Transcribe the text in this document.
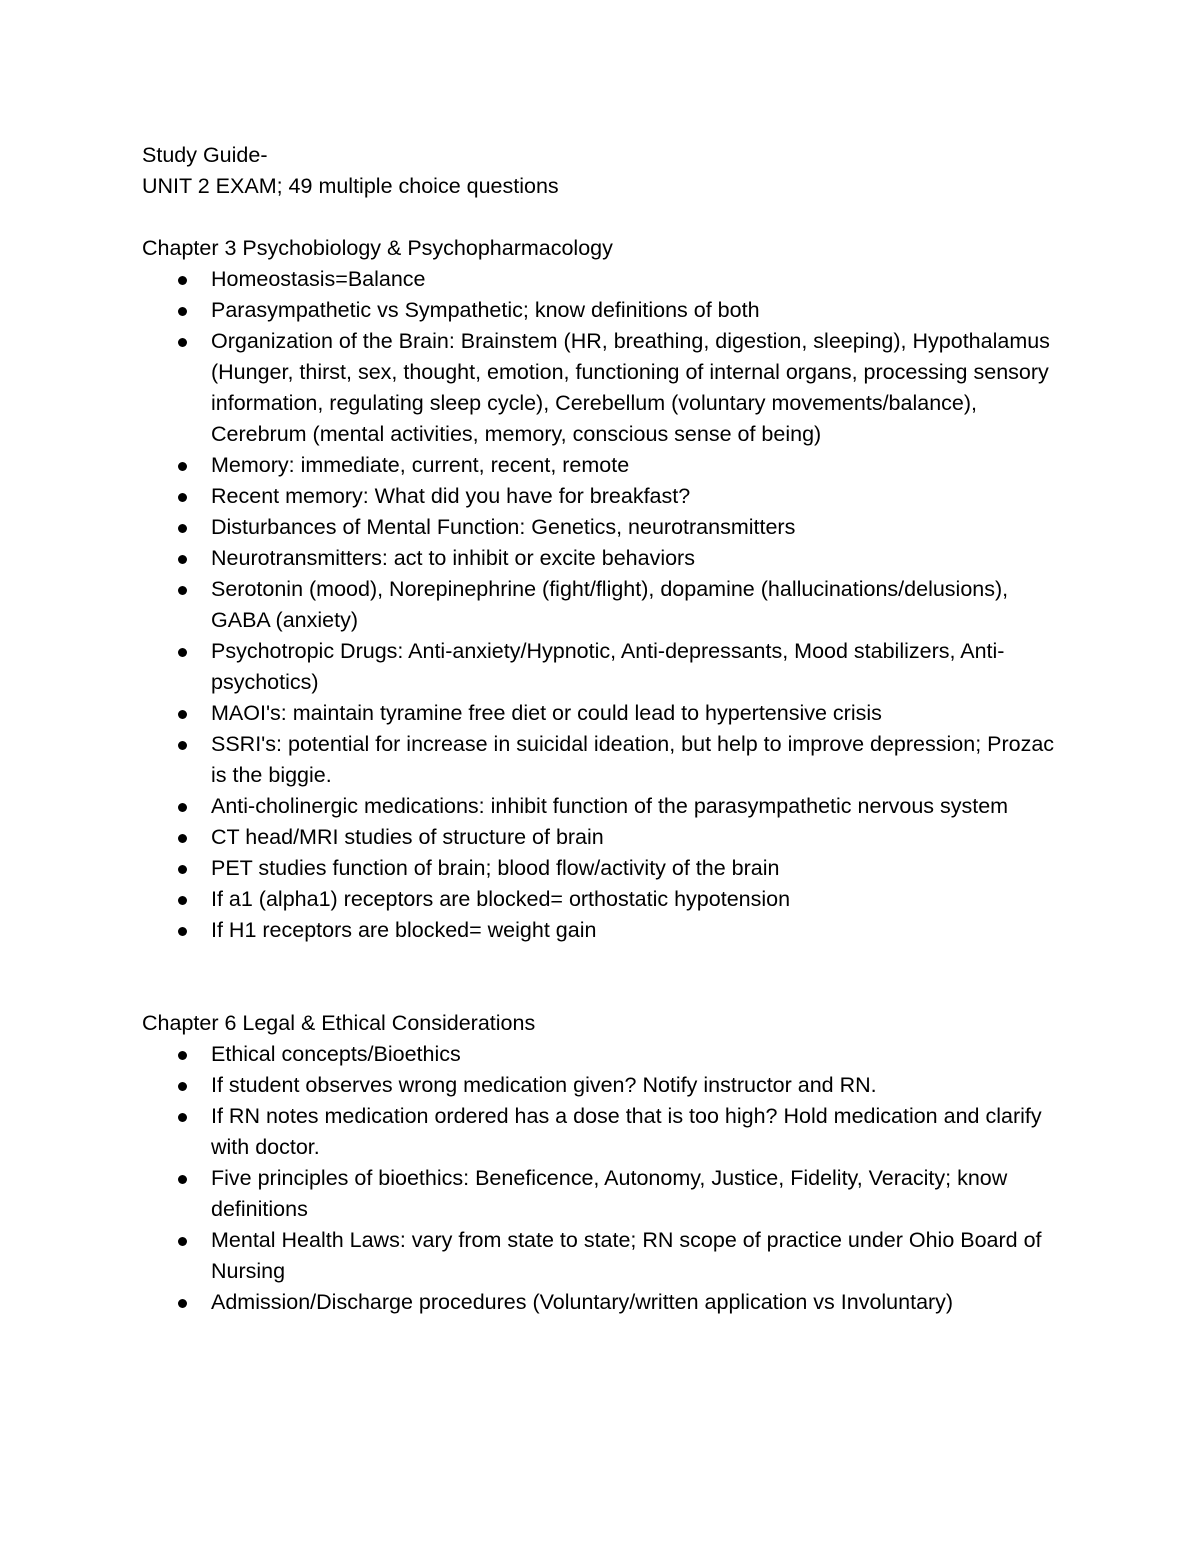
Study Guide-

UNIT 2 EXAM; 49 multiple choice questions

Chapter 3 Psychobiology & Psychopharmacology

Homeostasis=Balance
Parasympathetic vs Sympathetic; know definitions of both
Organization of the Brain: Brainstem (HR, breathing, digestion, sleeping), Hypothalamus (Hunger, thirst, sex, thought, emotion, functioning of internal organs, processing sensory information, regulating sleep cycle), Cerebellum (voluntary movements/balance), Cerebrum (mental activities, memory, conscious sense of being)
Memory: immediate, current, recent, remote
Recent memory: What did you have for breakfast?
Disturbances of Mental Function: Genetics, neurotransmitters
Neurotransmitters: act to inhibit or excite behaviors
Serotonin (mood), Norepinephrine (fight/flight), dopamine (hallucinations/delusions), GABA (anxiety)
Psychotropic Drugs: Anti-anxiety/Hypnotic, Anti-depressants, Mood stabilizers, Anti-psychotics)
MAOI's: maintain tyramine free diet or could lead to hypertensive crisis
SSRI's: potential for increase in suicidal ideation, but help to improve depression; Prozac is the biggie.
Anti-cholinergic medications: inhibit function of the parasympathetic nervous system
CT head/MRI studies of structure of brain
PET studies function of brain; blood flow/activity of the brain
If a1 (alpha1) receptors are blocked= orthostatic hypotension
If H1 receptors are blocked= weight gain

Chapter 6 Legal & Ethical Considerations

Ethical concepts/Bioethics
If student observes wrong medication given? Notify instructor and RN.
If RN notes medication ordered has a dose that is too high? Hold medication and clarify with doctor.
Five principles of bioethics: Beneficence, Autonomy, Justice, Fidelity, Veracity; know definitions
Mental Health Laws: vary from state to state; RN scope of practice under Ohio Board of Nursing
Admission/Discharge procedures (Voluntary/written application vs Involuntary)
